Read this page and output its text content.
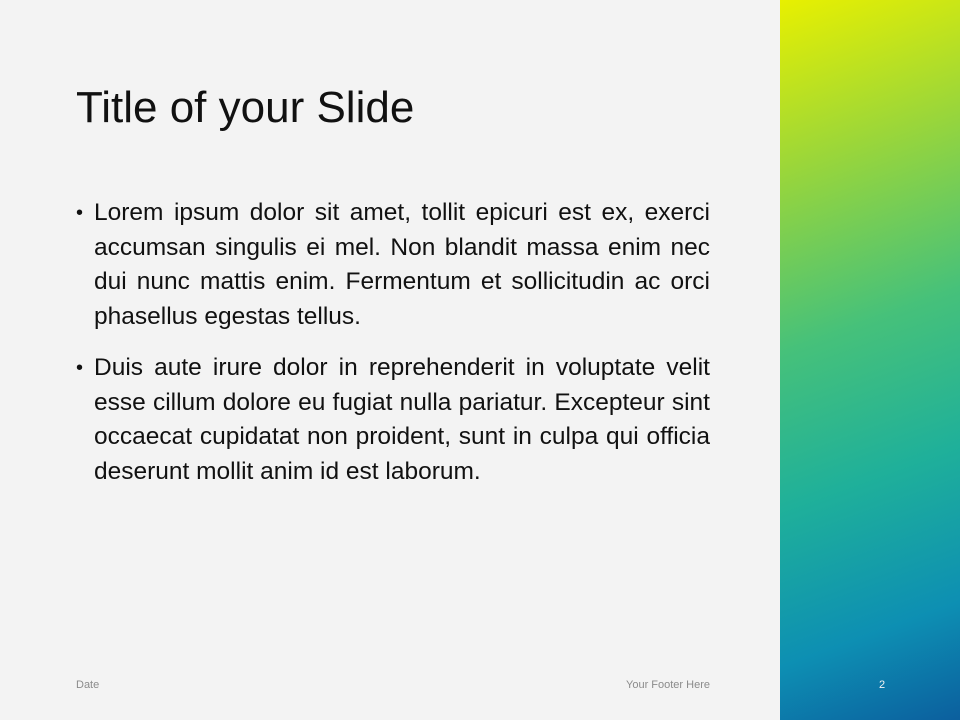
Title of your Slide
• Lorem ipsum dolor sit amet, tollit epicuri est ex, exerci accumsan singulis ei mel. Non blandit massa enim nec dui nunc mattis enim. Fermentum et sollicitudin ac orci phasellus egestas tellus.
• Duis aute irure dolor in reprehenderit in voluptate velit esse cillum dolore eu fugiat nulla pariatur. Excepteur sint occaecat cupidatat non proident, sunt in culpa qui officia deserunt mollit anim id est laborum.
Date	Your Footer Here	2
